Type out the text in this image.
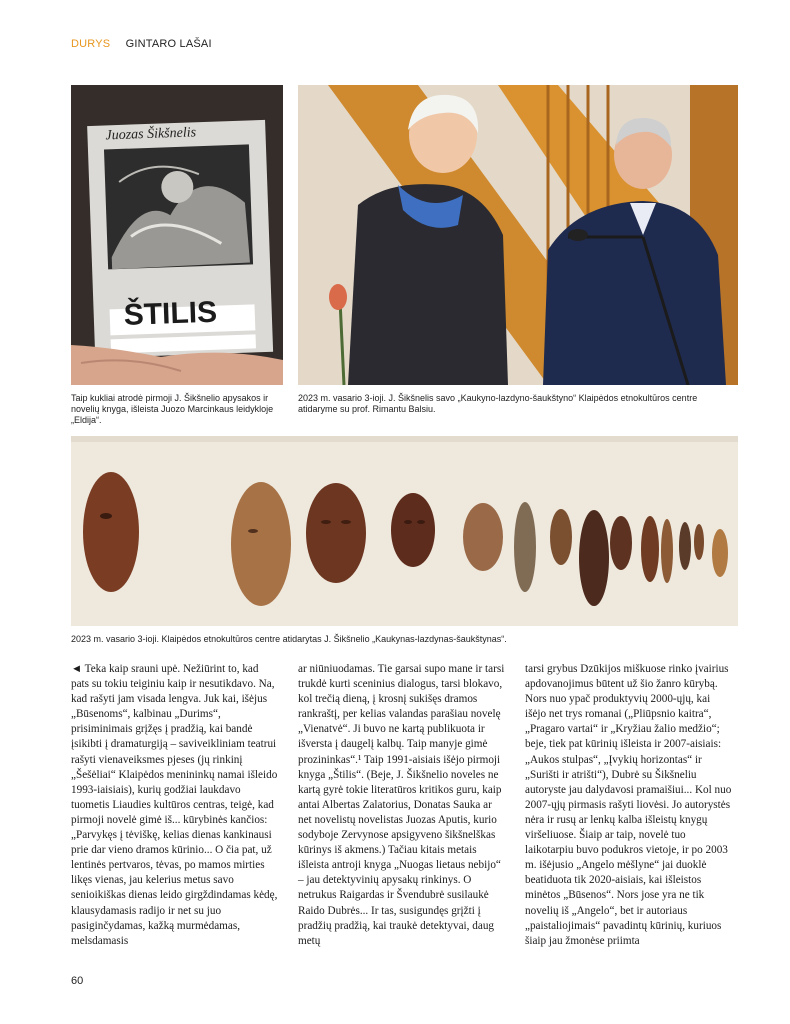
DURYS GINTARO LAŠAI
Juozas Šikšnelis
ŠTILIS
Taip kukliai atrodė pirmoji J. Šikšnelio apysakos ir novelių knyga, išleista Juozo Marcinkaus leidykloje „Eldija“.
2023 m. vasario 3-ioji. J. Šikšnelis savo „Kaukyno-lazdyno-šaukštyno“ Klaipėdos etnokultūros centre atidaryme su prof. Rimantu Balsiu.
2023 m. vasario 3-ioji. Klaipėdos etnokultūros centre atidarytas J. Šikšnelio „Kaukynas-lazdynas-šaukštynas“.

◄ Teka kaip srauni upė. Nežiūrint to, kad pats su tokiu teiginiu kaip ir nesutikdavo. Na, kad rašyti jam visada lengva. Juk kai, išėjus „Būsenoms“, kalbinau „Durims“, prisiminimais grįžęs į pradžią, kai bandė įsikibti į dramaturgiją – saviveikliniam teatrui rašyti vienaveiksmes pjeses (jų rinkinį „Šešėliai“ Klaipėdos menininkų namai išleido 1993-iaisiais), kurių godžiai laukdavo tuometis Liaudies kultūros centras, teigė, kad pirmoji novelė gimė iš... kūrybinės kančios: „Parvykęs į tėviškę, kelias dienas kankinausi prie dar vieno dramos kūrinio... O čia pat, už lentinės pertvaros, tėvas, po mamos mirties likęs vienas, jau kelerius metus savo senioikiškas dienas leido girgždindamas kėdę, klausydamasis radijo ir net su juo pasiginčydamas, kažką murmėdamas, melsdamasis

ar niūniuodamas. Tie garsai supo mane ir tarsi trukdė kurti sceninius dialogus, tarsi blokavo, kol trečią dieną, į krosnį sukišęs dramos rankraštį, per kelias valandas parašiau novelę „Vienatvė“. Ji buvo ne kartą publikuota ir išversta į daugelį kalbų. Taip manyje gimė prozininkas“.¹ Taip 1991-aisiais išėjo pirmoji knyga „Štilis“. (Beje, J. Šikšnelio noveles ne kartą gyrė tokie literatūros kritikos guru, kaip antai Albertas Zalatorius, Donatas Sauka ar net novelistų novelistas Juozas Aputis, kurio sodyboje Zervynose apsigyveno šikšnelškas kūrinys iš akmens.) Tačiau kitais metais išleista antroji knyga „Nuogas lietaus nebijo“ – jau detektyvinių apysakų rinkinys. O netrukus Raigardas ir Švendubrė susilaukė Raido Dubrės... Ir tas, susigundęs grįžti į pradžių pradžią, kai traukė detektyvai, daug metų

tarsi grybus Dzūkijos miškuose rinko įvairius apdovanojimus būtent už šio žanro kūrybą. Nors nuo ypač produktyvių 2000-ųjų, kai išėjo net trys romanai („Pliūpsnio kaitra“, „Pragaro vartai“ ir „Kryžiau žalio medžio“; beje, tiek pat kūrinių išleista ir 2007-aisiais: „Aukos stulpas“, „Įvykių horizontas“ ir „Surišti ir atrišti“), Dubrė su Šikšneliu autoryste jau dalydavosi pramaišiui... Kol nuo 2007-ųjų pirmasis rašyti liovėsi. Jo autorystės nėra ir rusų ar lenkų kalba išleistų knygų viršeliuose. Šiaip ar taip, novelė tuo laikotarpiu buvo podukros vietoje, ir po 2003 m. išėjusio „Angelo mėšlyne“ jai duoklė beatiduota tik 2020-aisiais, kai išleistos minėtos „Būsenos“. Nors jose yra ne tik novelių iš „Angelo“, bet ir autoriaus „paistaliojimais“ pavadintų kūrinių, kuriuos šiaip jau žmonėse priimta

60
